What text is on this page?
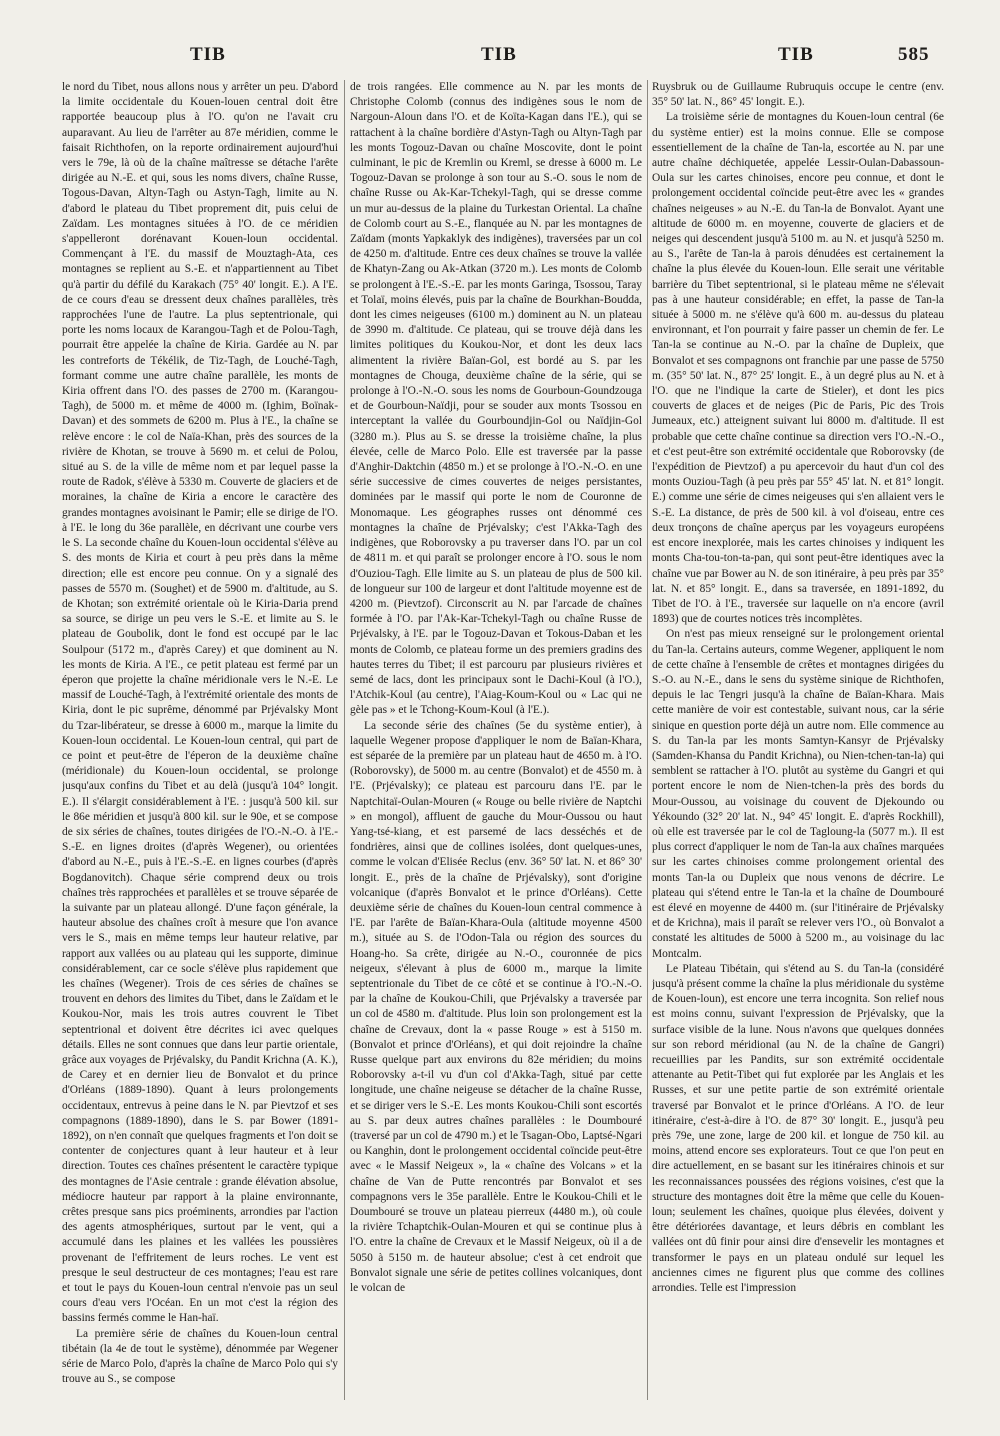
TIB	TIB	TIB	585

le nord du Tibet, nous allons nous y arrêter un peu. D'abord la limite occidentale du Kouen-louen central doit être rapportée beaucoup plus à l'O. qu'on ne l'avait cru auparavant. Au lieu de l'arrêter au 87e méridien, comme le faisait Richthofen, on la reporte ordinairement aujourd'hui vers le 79e, là où de la chaîne maîtresse se détache l'arête dirigée au N.-E. et qui, sous les noms divers, chaîne Russe, Togous-Davan, Altyn-Tagh ou Astyn-Tagh, limite au N. d'abord le plateau du Tibet proprement dit, puis celui de Zaïdam. Les montagnes situées à l'O. de ce méridien s'appelleront dorénavant Kouen-loun occidental. Commençant à l'E. du massif de Mouztagh-Ata, ces montagnes se replient au S.-E. et n'appartiennent au Tibet qu'à partir du défilé du Karakach (75° 40' longit. E.). A l'E. de ce cours d'eau se dressent deux chaînes parallèles, très rapprochées l'une de l'autre. La plus septentrionale, qui porte les noms locaux de Karangou-Tagh et de Polou-Tagh, pourrait être appelée la chaîne de Kiria. Gardée au N. par les contreforts de Tékélik, de Tiz-Tagh, de Louché-Tagh, formant comme une autre chaîne parallèle, les monts de Kiria offrent dans l'O. des passes de 2700 m. (Karangou-Tagh), de 5000 m. et même de 4000 m. (Ighim, Boïnak-Davan) et des sommets de 6200 m. Plus à l'E., la chaîne se relève encore : le col de Naïa-Khan, près des sources de la rivière de Khotan, se trouve à 5690 m. et celui de Polou, situé au S. de la ville de même nom et par lequel passe la route de Radok, s'élève à 5330 m. Couverte de glaciers et de moraines, la chaîne de Kiria a encore le caractère des grandes montagnes avoisinant le Pamir; elle se dirige de l'O. à l'E. le long du 36e parallèle, en décrivant une courbe vers le S. La seconde chaîne du Kouen-loun occidental s'élève au S. des monts de Kiria et court à peu près dans la même direction; elle est encore peu connue. On y a signalé des passes de 5570 m. (Soughet) et de 5900 m. d'altitude, au S. de Khotan; son extrémité orientale où le Kiria-Daria prend sa source, se dirige un peu vers le S.-E. et limite au S. le plateau de Goubolik, dont le fond est occupé par le lac Soulpour (5172 m., d'après Carey) et que dominent au N. les monts de Kiria. A l'E., ce petit plateau est fermé par un éperon que projette la chaîne méridionale vers le N.-E. Le massif de Louché-Tagh, à l'extrémité orientale des monts de Kiria, dont le pic suprême, dénommé par Prjévalsky Mont du Tzar-libérateur, se dresse à 6000 m., marque la limite du Kouen-loun occidental. Le Kouen-loun central, qui part de ce point et peut-être de l'éperon de la deuxième chaîne (méridionale) du Kouen-loun occidental, se prolonge jusqu'aux confins du Tibet et au delà (jusqu'à 104° longit. E.). Il s'élargit considérablement à l'E. : jusqu'à 500 kil. sur le 86e méridien et jusqu'à 800 kil. sur le 90e, et se compose de six séries de chaînes, toutes dirigées de l'O.-N.-O. à l'E.-S.-E. en lignes droites (d'après Wegener), ou orientées d'abord au N.-E., puis à l'E.-S.-E. en lignes courbes (d'après Bogdanovitch). Chaque série comprend deux ou trois chaînes très rapprochées et parallèles et se trouve séparée de la suivante par un plateau allongé. D'une façon générale, la hauteur absolue des chaînes croît à mesure que l'on avance vers le S., mais en même temps leur hauteur relative, par rapport aux vallées ou au plateau qui les supporte, diminue considérablement, car ce socle s'élève plus rapidement que les chaînes (Wegener). Trois de ces séries de chaînes se trouvent en dehors des limites du Tibet, dans le Zaïdam et le Koukou-Nor, mais les trois autres couvrent le Tibet septentrional et doivent être décrites ici avec quelques détails. Elles ne sont connues que dans leur partie orientale, grâce aux voyages de Prjévalsky, du Pandit Krichna (A. K.), de Carey et en dernier lieu de Bonvalot et du prince d'Orléans (1889-1890). Quant à leurs prolongements occidentaux, entrevus à peine dans le N. par Pievtzof et ses compagnons (1889-1890), dans le S. par Bower (1891-1892), on n'en connaît que quelques fragments et l'on doit se contenter de conjectures quant à leur hauteur et à leur direction. Toutes ces chaînes présentent le caractère typique des montagnes de l'Asie centrale : grande élévation absolue, médiocre hauteur par rapport à la plaine environnante, crêtes presque sans pics proéminents, arrondies par l'action des agents atmosphériques, surtout par le vent, qui a accumulé dans les plaines et les vallées les poussières provenant de l'effritement de leurs roches. Le vent est presque le seul destructeur de ces montagnes; l'eau est rare et tout le pays du Kouen-loun central n'envoie pas un seul cours d'eau vers l'Océan. En un mot c'est la région des bassins fermés comme le Han-haï.

La première série de chaînes du Kouen-loun central tibétain (la 4e de tout le système), dénommée par Wegener série de Marco Polo, d'après la chaîne de Marco Polo qui s'y trouve au S., se compose

de trois rangées. Elle commence au N. par les monts de Christophe Colomb (connus des indigènes sous le nom de Nargoun-Aloun dans l'O. et de Koïta-Kagan dans l'E.), qui se rattachent à la chaîne bordière d'Astyn-Tagh ou Altyn-Tagh par les monts Togouz-Davan ou chaîne Moscovite, dont le point culminant, le pic de Kremlin ou Kreml, se dresse à 6000 m. Le Togouz-Davan se prolonge à son tour au S.-O. sous le nom de chaîne Russe ou Ak-Kar-Tchekyl-Tagh, qui se dresse comme un mur au-dessus de la plaine du Turkestan Oriental. La chaîne de Colomb court au S.-E., flanquée au N. par les montagnes de Zaïdam (monts Yapkaklyk des indigènes), traversées par un col de 4250 m. d'altitude. Entre ces deux chaînes se trouve la vallée de Khatyn-Zang ou Ak-Atkan (3720 m.). Les monts de Colomb se prolongent à l'E.-S.-E. par les monts Garinga, Tsossou, Taray et Tolaï, moins élevés, puis par la chaîne de Bourkhan-Boudda, dont les cimes neigeuses (6100 m.) dominent au N. un plateau de 3990 m. d'altitude. Ce plateau, qui se trouve déjà dans les limites politiques du Koukou-Nor, et dont les deux lacs alimentent la rivière Baïan-Gol, est bordé au S. par les montagnes de Chouga, deuxième chaîne de la série, qui se prolonge à l'O.-N.-O. sous les noms de Gourboun-Goundzouga et de Gourboun-Naïdji, pour se souder aux monts Tsossou en interceptant la vallée du Gourboundjin-Gol ou Naïdjin-Gol (3280 m.). Plus au S. se dresse la troisième chaîne, la plus élevée, celle de Marco Polo. Elle est traversée par la passe d'Anghir-Daktchin (4850 m.) et se prolonge à l'O.-N.-O. en une série successive de cimes couvertes de neiges persistantes, dominées par le massif qui porte le nom de Couronne de Monomaque. Les géographes russes ont dénommé ces montagnes la chaîne de Prjévalsky; c'est l'Akka-Tagh des indigènes, que Roborovsky a pu traverser dans l'O. par un col de 4811 m. et qui paraît se prolonger encore à l'O. sous le nom d'Ouziou-Tagh. Elle limite au S. un plateau de plus de 500 kil. de longueur sur 100 de largeur et dont l'altitude moyenne est de 4200 m. (Pievtzof). Circonscrit au N. par l'arcade de chaînes formée à l'O. par l'Ak-Kar-Tchekyl-Tagh ou chaîne Russe de Prjévalsky, à l'E. par le Togouz-Davan et Tokous-Daban et les monts de Colomb, ce plateau forme un des premiers gradins des hautes terres du Tibet; il est parcouru par plusieurs rivières et semé de lacs, dont les principaux sont le Dachi-Koul (à l'O.), l'Atchik-Koul (au centre), l'Aiag-Koum-Koul ou « Lac qui ne gèle pas » et le Tchong-Koum-Koul (à l'E.).

La seconde série des chaînes (5e du système entier), à laquelle Wegener propose d'appliquer le nom de Baïan-Khara, est séparée de la première par un plateau haut de 4650 m. à l'O. (Roborovsky), de 5000 m. au centre (Bonvalot) et de 4550 m. à l'E. (Prjévalsky); ce plateau est parcouru dans l'E. par le Naptchitaï-Oulan-Mouren (« Rouge ou belle rivière de Naptchi » en mongol), affluent de gauche du Mour-Oussou ou haut Yang-tsé-kiang, et est parsemé de lacs desséchés et de fondrières, ainsi que de collines isolées, dont quelques-unes, comme le volcan d'Elisée Reclus (env. 36° 50' lat. N. et 86° 30' longit. E., près de la chaîne de Prjévalsky), sont d'origine volcanique (d'après Bonvalot et le prince d'Orléans). Cette deuxième série de chaînes du Kouen-loun central commence à l'E. par l'arête de Baïan-Khara-Oula (altitude moyenne 4500 m.), située au S. de l'Odon-Tala ou région des sources du Hoang-ho. Sa crête, dirigée au N.-O., couronnée de pics neigeux, s'élevant à plus de 6000 m., marque la limite septentrionale du Tibet de ce côté et se continue à l'O.-N.-O. par la chaîne de Koukou-Chili, que Prjévalsky a traversée par un col de 4580 m. d'altitude. Plus loin son prolongement est la chaîne de Crevaux, dont la « passe Rouge » est à 5150 m. (Bonvalot et prince d'Orléans), et qui doit rejoindre la chaîne Russe quelque part aux environs du 82e méridien; du moins Roborovsky a-t-il vu d'un col d'Akka-Tagh, situé par cette longitude, une chaîne neigeuse se détacher de la chaîne Russe, et se diriger vers le S.-E. Les monts Koukou-Chili sont escortés au S. par deux autres chaînes parallèles : le Doumbouré (traversé par un col de 4790 m.) et le Tsagan-Obo, Laptsé-Ngari ou Kanghin, dont le prolongement occidental coïncide peut-être avec « le Massif Neigeux », la « chaîne des Volcans » et la chaîne de Van de Putte rencontrés par Bonvalot et ses compagnons vers le 35e parallèle. Entre le Koukou-Chili et le Doumbouré se trouve un plateau pierreux (4480 m.), où coule la rivière Tchaptchik-Oulan-Mouren et qui se continue plus à l'O. entre la chaîne de Crevaux et le Massif Neigeux, où il a de 5050 à 5150 m. de hauteur absolue; c'est à cet endroit que Bonvalot signale une série de petites collines volcaniques, dont le volcan de

Ruysbruk ou de Guillaume Rubruquis occupe le centre (env. 35° 50' lat. N., 86° 45' longit. E.).

La troisième série de montagnes du Kouen-loun central (6e du système entier) est la moins connue. Elle se compose essentiellement de la chaîne de Tan-la, escortée au N. par une autre chaîne déchiquetée, appelée Lessir-Oulan-Dabassoun-Oula sur les cartes chinoises, encore peu connue, et dont le prolongement occidental coïncide peut-être avec les « grandes chaînes neigeuses » au N.-E. du Tan-la de Bonvalot. Ayant une altitude de 6000 m. en moyenne, couverte de glaciers et de neiges qui descendent jusqu'à 5100 m. au N. et jusqu'à 5250 m. au S., l'arête de Tan-la à parois dénudées est certainement la chaîne la plus élevée du Kouen-loun. Elle serait une véritable barrière du Tibet septentrional, si le plateau même ne s'élevait pas à une hauteur considérable; en effet, la passe de Tan-la située à 5000 m. ne s'élève qu'à 600 m. au-dessus du plateau environnant, et l'on pourrait y faire passer un chemin de fer. Le Tan-la se continue au N.-O. par la chaîne de Dupleix, que Bonvalot et ses compagnons ont franchie par une passe de 5750 m. (35° 50' lat. N., 87° 25' longit. E., à un degré plus au N. et à l'O. que ne l'indique la carte de Stieler), et dont les pics couverts de glaces et de neiges (Pic de Paris, Pic des Trois Jumeaux, etc.) atteignent suivant lui 8000 m. d'altitude. Il est probable que cette chaîne continue sa direction vers l'O.-N.-O., et c'est peut-être son extrémité occidentale que Roborovsky (de l'expédition de Pievtzof) a pu apercevoir du haut d'un col des monts Ouziou-Tagh (à peu près par 55° 45' lat. N. et 81° longit. E.) comme une série de cimes neigeuses qui s'en allaient vers le S.-E. La distance, de près de 500 kil. à vol d'oiseau, entre ces deux tronçons de chaîne aperçus par les voyageurs européens est encore inexplorée, mais les cartes chinoises y indiquent les monts Cha-tou-ton-ta-pan, qui sont peut-être identiques avec la chaîne vue par Bower au N. de son itinéraire, à peu près par 35° lat. N. et 85° longit. E., dans sa traversée, en 1891-1892, du Tibet de l'O. à l'E., traversée sur laquelle on n'a encore (avril 1893) que de courtes notices très incomplètes.

On n'est pas mieux renseigné sur le prolongement oriental du Tan-la. Certains auteurs, comme Wegener, appliquent le nom de cette chaîne à l'ensemble de crêtes et montagnes dirigées du S.-O. au N.-E., dans le sens du système sinique de Richthofen, depuis le lac Tengri jusqu'à la chaîne de Baïan-Khara. Mais cette manière de voir est contestable, suivant nous, car la série sinique en question porte déjà un autre nom. Elle commence au S. du Tan-la par les monts Samtyn-Kansyr de Prjévalsky (Samden-Khansa du Pandit Krichna), ou Nien-tchen-tan-la) qui semblent se rattacher à l'O. plutôt au système du Gangri et qui portent encore le nom de Nien-tchen-la près des bords du Mour-Oussou, au voisinage du couvent de Djekoundo ou Yékoundo (32° 20' lat. N., 94° 45' longit. E. d'après Rockhill), où elle est traversée par le col de Tagloung-la (5077 m.). Il est plus correct d'appliquer le nom de Tan-la aux chaînes marquées sur les cartes chinoises comme prolongement oriental des monts Tan-la ou Dupleix que nous venons de décrire. Le plateau qui s'étend entre le Tan-la et la chaîne de Doumbouré est élevé en moyenne de 4400 m. (sur l'itinéraire de Prjévalsky et de Krichna), mais il paraît se relever vers l'O., où Bonvalot a constaté les altitudes de 5000 à 5200 m., au voisinage du lac Montcalm.

Le Plateau Tibétain, qui s'étend au S. du Tan-la (considéré jusqu'à présent comme la chaîne la plus méridionale du système de Kouen-loun), est encore une terra incognita. Son relief nous est moins connu, suivant l'expression de Prjévalsky, que la surface visible de la lune. Nous n'avons que quelques données sur son rebord méridional (au N. de la chaîne de Gangri) recueillies par les Pandits, sur son extrémité occidentale attenante au Petit-Tibet qui fut explorée par les Anglais et les Russes, et sur une petite partie de son extrémité orientale traversé par Bonvalot et le prince d'Orléans. A l'O. de leur itinéraire, c'est-à-dire à l'O. de 87° 30' longit. E., jusqu'à peu près 79e, une zone, large de 200 kil. et longue de 750 kil. au moins, attend encore ses explorateurs. Tout ce que l'on peut en dire actuellement, en se basant sur les itinéraires chinois et sur les reconnaissances poussées des régions voisines, c'est que la structure des montagnes doit être la même que celle du Kouen-loun; seulement les chaînes, quoique plus élevées, doivent y être détériorées davantage, et leurs débris en comblant les vallées ont dû finir pour ainsi dire d'ensevelir les montagnes et transformer le pays en un plateau ondulé sur lequel les anciennes cimes ne figurent plus que comme des collines arrondies. Telle est l'impression
